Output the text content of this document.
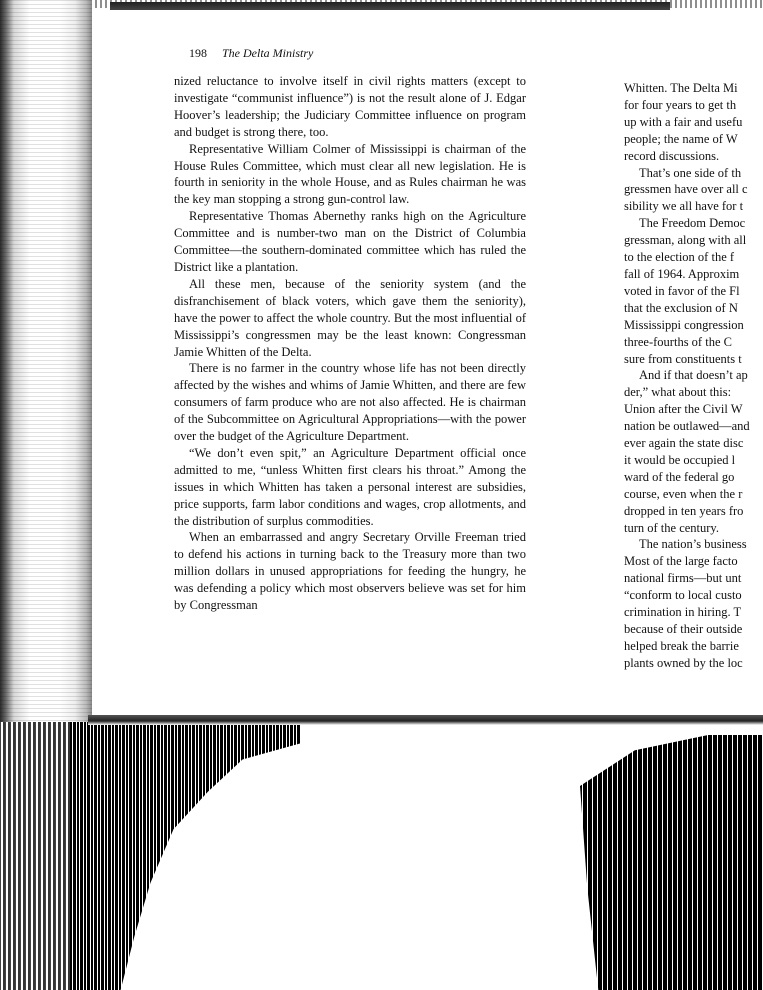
198 The Delta Ministry

nized reluctance to involve itself in civil rights matters (except to investigate “communist influence”) is not the result alone of J. Edgar Hoover’s leadership; the Judiciary Committee influence on program and budget is strong there, too.

Representative William Colmer of Mississippi is chairman of the House Rules Committee, which must clear all new legislation. He is fourth in seniority in the whole House, and as Rules chairman he was the key man stopping a strong gun-control law.

Representative Thomas Abernethy ranks high on the Agriculture Committee and is number-two man on the District of Columbia Committee—the southern-dominated committee which has ruled the District like a plantation.

All these men, because of the seniority system (and the disfranchisement of black voters, which gave them the seniority), have the power to affect the whole country. But the most influential of Mississippi’s congressmen may be the least known: Congressman Jamie Whitten of the Delta.

There is no farmer in the country whose life has not been directly affected by the wishes and whims of Jamie Whitten, and there are few consumers of farm produce who are not also affected. He is chairman of the Subcommittee on Agricultural Appropriations—with the power over the budget of the Agriculture Department.

“We don’t even spit,” an Agriculture Department official once admitted to me, “unless Whitten first clears his throat.” Among the issues in which Whitten has taken a personal interest are subsidies, price supports, farm labor conditions and wages, crop allotments, and the distribution of surplus commodities.

When an embarrassed and angry Secretary Orville Freeman tried to defend his actions in turning back to the Treasury more than two million dollars in unused appropriations for feeding the hungry, he was defending a policy which most observers believe was set for him by Congressman

Whitten. The Delta Mi

for four years to get th

up with a fair and usefu

people; the name of W

record discussions.

That’s one side of th

gressmen have over all c

sibility we all have for t

The Freedom Democ

gressman, along with all

to the election of the f

fall of 1964. Approxim

voted in favor of the Fl

that the exclusion of N

Mississippi congression

three-fourths of the C

sure from constituents t

And if that doesn’t ap

der,” what about this:

Union after the Civil W

nation be outlawed—and

ever again the state disc

it would be occupied l

ward of the federal go

course, even when the r

dropped in ten years fro

turn of the century.

The nation’s business

Most of the large facto

national firms—but unt

“conform to local custo

crimination in hiring. T

because of their outside

helped break the barrie

plants owned by the loc
